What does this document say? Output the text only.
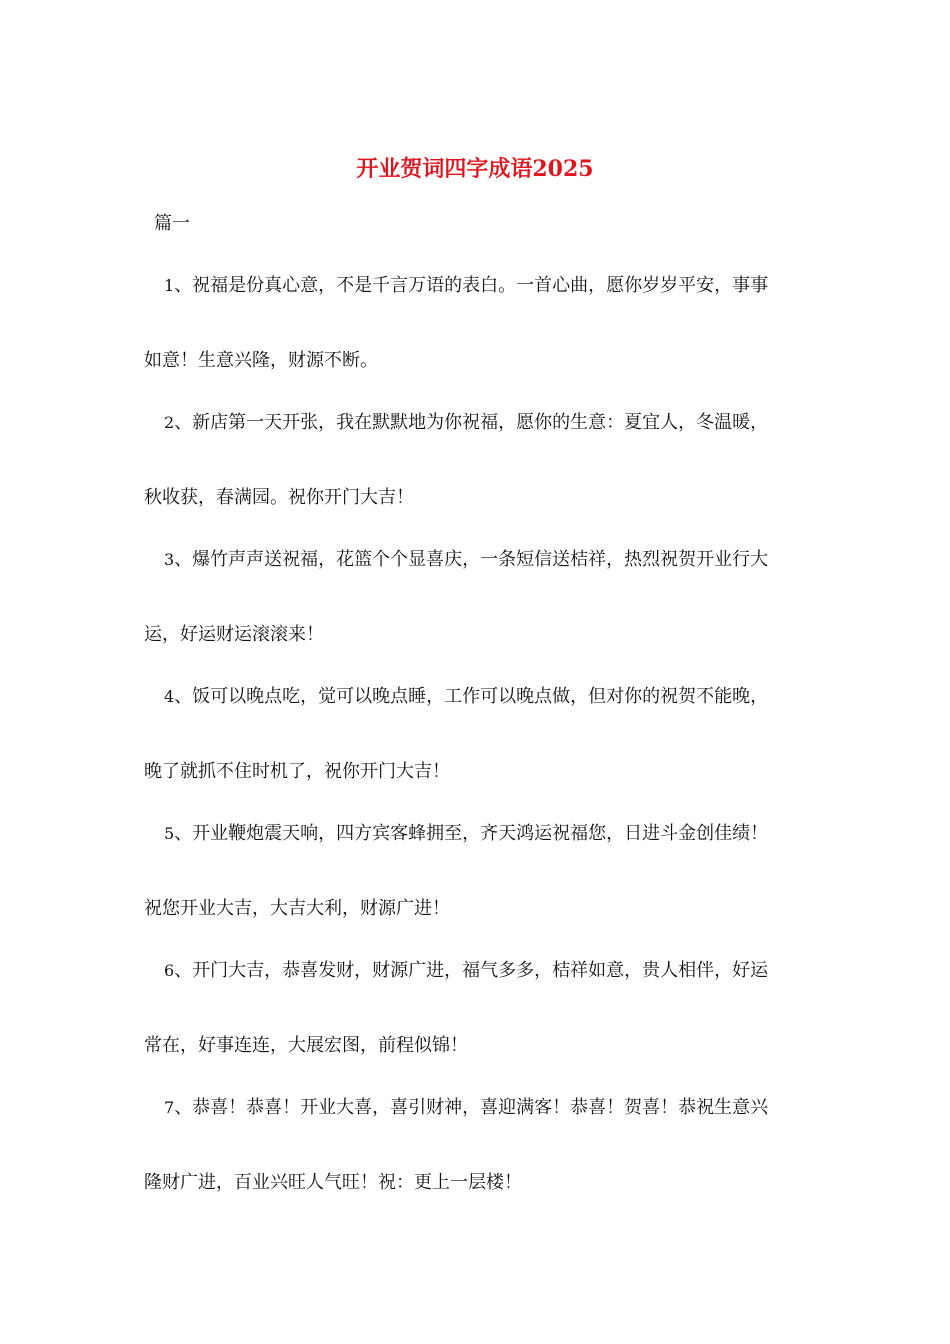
开业贺词四字成语2025

篇一

1、祝福是份真心意，不是千言万语的表白。一首心曲，愿你岁岁平安，事事
如意！生意兴隆，财源不断。

2、新店第一天开张，我在默默地为你祝福，愿你的生意：夏宜人，冬温暖，
秋收获，春满园。祝你开门大吉！

3、爆竹声声送祝福，花篮个个显喜庆，一条短信送桔祥，热烈祝贺开业行大
运，好运财运滚滚来！

4、饭可以晚点吃，觉可以晚点睡，工作可以晚点做，但对你的祝贺不能晚，
晚了就抓不住时机了，祝你开门大吉！

5、开业鞭炮震天响，四方宾客蜂拥至，齐天鸿运祝福您，日进斗金创佳绩！
祝您开业大吉，大吉大利，财源广进！

6、开门大吉，恭喜发财，财源广进，福气多多，桔祥如意，贵人相伴，好运
常在，好事连连，大展宏图，前程似锦！

7、恭喜！恭喜！开业大喜，喜引财神，喜迎满客！恭喜！贺喜！恭祝生意兴
隆财广进，百业兴旺人气旺！祝：更上一层楼！
